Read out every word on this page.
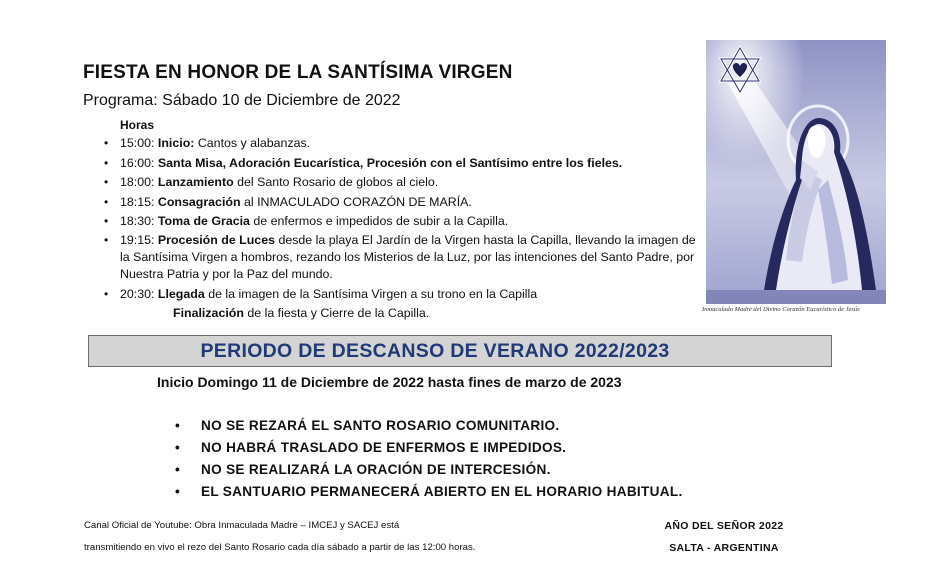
FIESTA EN HONOR DE LA SANTÍSIMA VIRGEN
Programa: Sábado 10 de Diciembre de 2022
Horas
• 15:00: Inicio: Cantos y alabanzas.
• 16:00: Santa Misa, Adoración Eucarística, Procesión con el Santísimo entre los fieles.
• 18:00: Lanzamiento del Santo Rosario de globos al cielo.
• 18:15: Consagración al INMACULADO CORAZÓN DE MARÍA.
• 18:30: Toma de Gracia de enfermos e impedidos de subir a la Capilla.
• 19:15: Procesión de Luces desde la playa El Jardín de la Virgen hasta la Capilla, llevando la imagen de la Santísima Virgen a hombros, rezando los Misterios de la Luz, por las intenciones del Santo Padre, por Nuestra Patria y por la Paz del mundo.
• 20:30: Llegada de la imagen de la Santísima Virgen a su trono en la Capilla
Finalización de la fiesta y Cierre de la Capilla.	Inmaculada Madre del Divino Corazón Eucarístico de Jesús
PERIODO DE DESCANSO DE VERANO 2022/2023
Inicio Domingo 11 de Diciembre de 2022 hasta fines de marzo de 2023
• NO SE REZARÁ EL SANTO ROSARIO COMUNITARIO.
• NO HABRÁ TRASLADO DE ENFERMOS E IMPEDIDOS.
• NO SE REALIZARÁ LA ORACIÓN DE INTERCESIÓN.
• EL SANTUARIO PERMANECERÁ ABIERTO EN EL HORARIO HABITUAL.
Canal Oficial de Youtube: Obra Inmaculada Madre – IMCEJ y SACEJ está
transmitiendo en vivo el rezo del Santo Rosario cada día sábado a partir de las 12:00 horas.
AÑO DEL SEÑOR 2022
SALTA - ARGENTINA
